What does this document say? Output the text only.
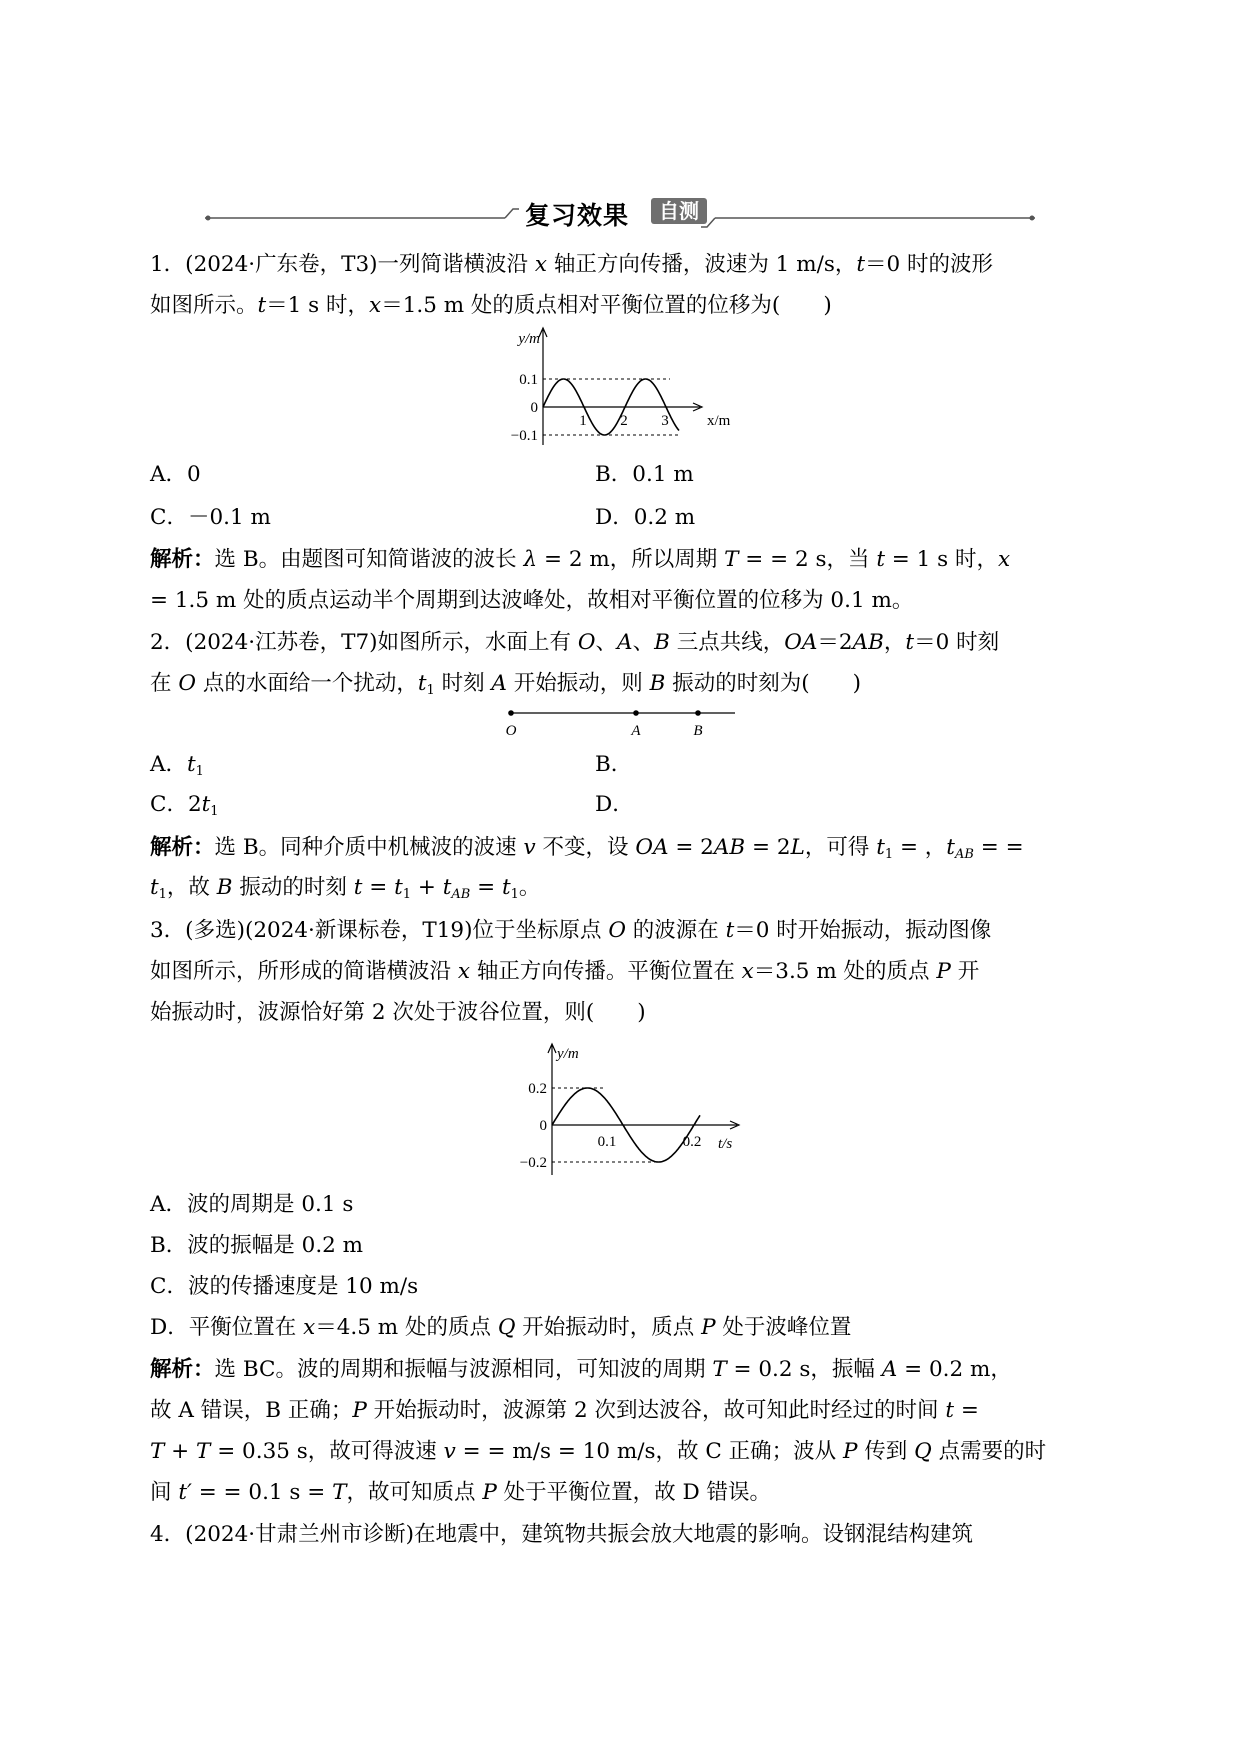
复习效果	自测
1．(2024·广东卷，T3)一列简谐横波沿 x 轴正方向传播，波速为 1 m/s，t＝0 时的波形
如图所示。t＝1 s 时，x＝1.5 m 处的质点相对平衡位置的位移为(　　)
y/m
x/m
0.1
0
−0.1
1 2 3
A．0	B．0.1 m
C．－0.1 m	D．0.2 m
解析：选 B。由题图可知简谐波的波长 λ = 2 m，所以周期 T = = 2 s，当 t = 1 s 时，x
= 1.5 m 处的质点运动半个周期到达波峰处，故相对平衡位置的位移为 0.1 m。
2．(2024·江苏卷，T7)如图所示，水面上有 O、A、B 三点共线，OA＝2AB，t＝0 时刻
在 O 点的水面给一个扰动，$t_1$ 时刻 A 开始振动，则 B 振动的时刻为(　　)
O	A	B
A．$t_1$	B．
C．$2t_1$	D．
解析：选 B。同种介质中机械波的波速 v 不变，设 OA = 2AB = 2L，可得 $t_1$ = ，$t_{AB}$ = =
$t_1$，故 B 振动的时刻 $t = t_1 + t_{AB} = t_1$。
3．(多选)(2024·新课标卷，T19)位于坐标原点 O 的波源在 t＝0 时开始振动，振动图像
如图所示，所形成的简谐横波沿 x 轴正方向传播。平衡位置在 x＝3.5 m 处的质点 P 开
始振动时，波源恰好第 2 次处于波谷位置，则(　　)
y/m
t/s
0.2
0
−0.2
0.1	0.2
A．波的周期是 0.1 s
B．波的振幅是 0.2 m
C．波的传播速度是 10 m/s
D．平衡位置在 x＝4.5 m 处的质点 Q 开始振动时，质点 P 处于波峰位置
解析：选 BC。波的周期和振幅与波源相同，可知波的周期 T = 0.2 s，振幅 A = 0.2 m，
故 A 错误，B 正确；P 开始振动时，波源第 2 次到达波谷，故可知此时经过的时间 t =
T + T = 0.35 s，故可得波速 v = = m/s = 10 m/s，故 C 正确；波从 P 传到 Q 点需要的时
间 t′ = = 0.1 s = T，故可知质点 P 处于平衡位置，故 D 错误。
4．(2024·甘肃兰州市诊断)在地震中，建筑物共振会放大地震的影响。设钢混结构建筑
